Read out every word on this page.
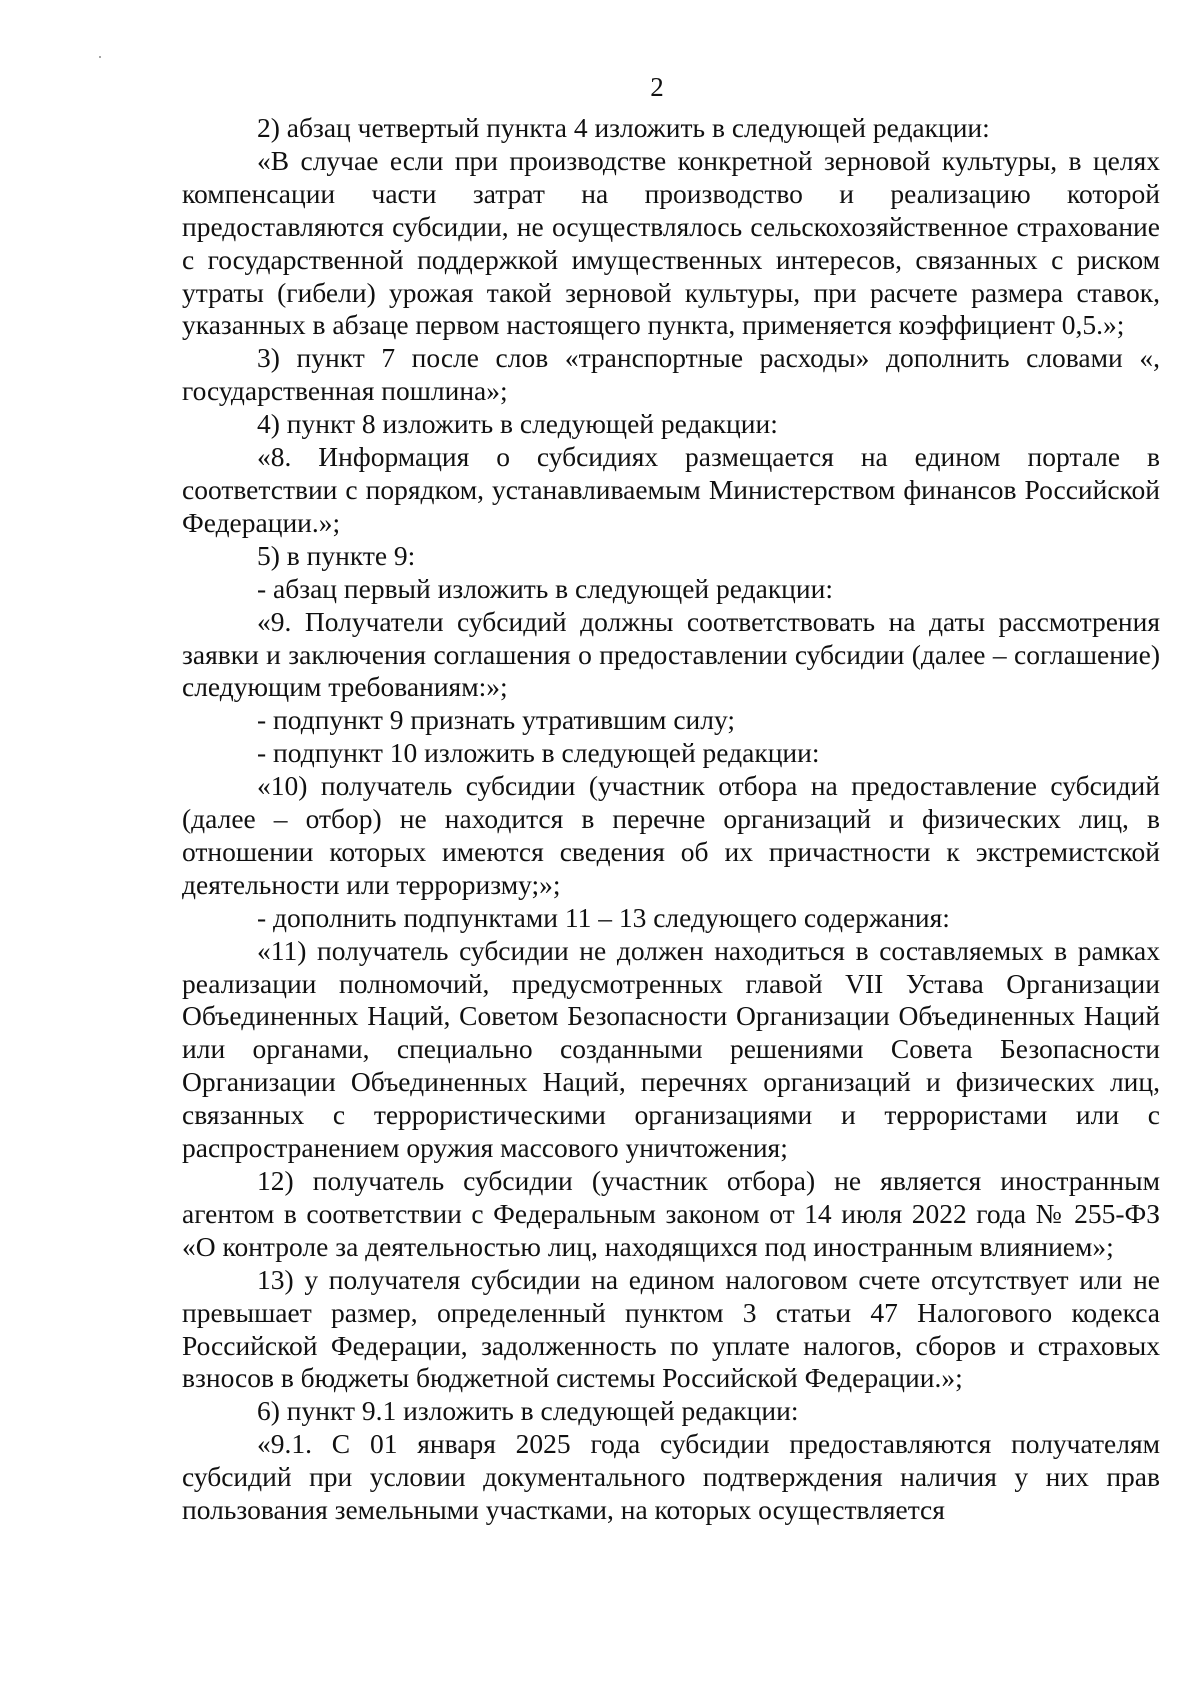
2

2) абзац четвертый пункта 4 изложить в следующей редакции:

«В случае если при производстве конкретной зерновой культуры, в целях компенсации части затрат на производство и реализацию которой предоставляются субсидии, не осуществлялось сельскохозяйственное страхование с государственной поддержкой имущественных интересов, связанных с риском утраты (гибели) урожая такой зерновой культуры, при расчете размера ставок, указанных в абзаце первом настоящего пункта, применяется коэффициент 0,5.»;

3) пункт 7 после слов «транспортные расходы» дополнить словами «, государственная пошлина»;

4) пункт 8 изложить в следующей редакции:

«8. Информация о субсидиях размещается на едином портале в соответствии с порядком, устанавливаемым Министерством финансов Российской Федерации.»;

5) в пункте 9:

- абзац первый изложить в следующей редакции:

«9. Получатели субсидий должны соответствовать на даты рассмотрения заявки и заключения соглашения о предоставлении субсидии (далее – соглашение) следующим требованиям:»;

- подпункт 9 признать утратившим силу;

- подпункт 10 изложить в следующей редакции:

«10) получатель субсидии (участник отбора на предоставление субсидий (далее – отбор) не находится в перечне организаций и физических лиц, в отношении которых имеются сведения об их причастности к экстремистской деятельности или терроризму;»;

- дополнить подпунктами 11 – 13 следующего содержания:

«11) получатель субсидии не должен находиться в составляемых в рамках реализации полномочий, предусмотренных главой VII Устава Организации Объединенных Наций, Советом Безопасности Организации Объединенных Наций или органами, специально созданными решениями Совета Безопасности Организации Объединенных Наций, перечнях организаций и физических лиц, связанных с террористическими организациями и террористами или с распространением оружия массового уничтожения;

12) получатель субсидии (участник отбора) не является иностранным агентом в соответствии с Федеральным законом от 14 июля 2022 года № 255-ФЗ «О контроле за деятельностью лиц, находящихся под иностранным влиянием»;

13) у получателя субсидии на едином налоговом счете отсутствует или не превышает размер, определенный пунктом 3 статьи 47 Налогового кодекса Российской Федерации, задолженность по уплате налогов, сборов и страховых взносов в бюджеты бюджетной системы Российской Федерации.»;

6) пункт 9.1 изложить в следующей редакции:

«9.1. С 01 января 2025 года субсидии предоставляются получателям субсидий при условии документального подтверждения наличия у них прав пользования земельными участками, на которых осуществляется
